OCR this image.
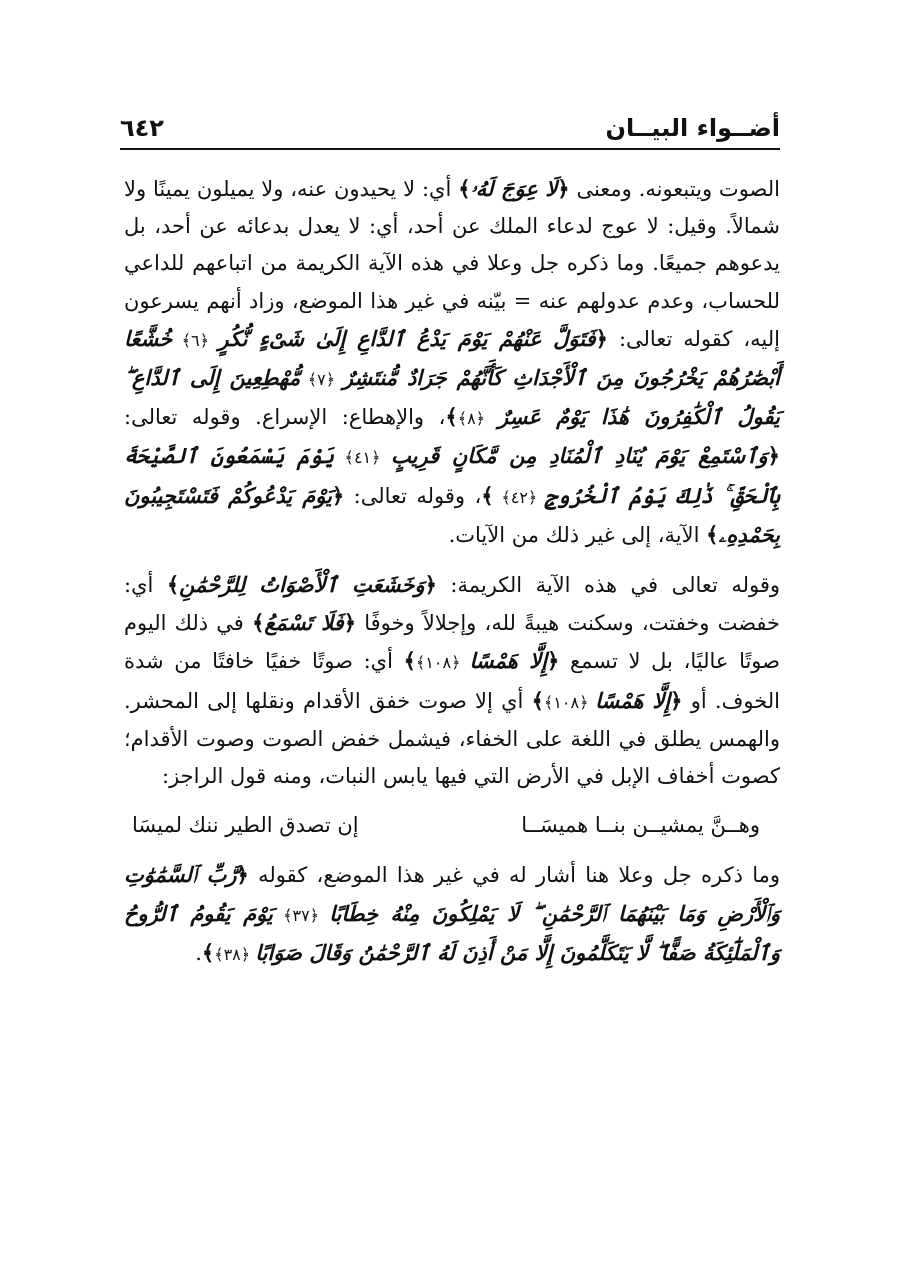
أضــواء البيــان
٦٤٢

الصوت ويتبعونه. ومعنى ﴿لَا عِوَجَ لَهُۥ﴾ أي: لا يحيدون عنه، ولا يميلون يمينًا ولا شمالاً. وقيل: لا عوج لدعاء الملك عن أحد، أي: لا يعدل بدعائه عن أحد، بل يدعوهم جميعًا. وما ذكره جل وعلا في هذه الآية الكريمة من اتباعهم للداعي للحساب، وعدم عدولهم عنه = بيّنه في غير هذا الموضع، وزاد أنهم يسرعون إليه، كقوله تعالى: ﴿فَتَوَلَّ عَنْهُمْ يَوْمَ يَدْعُ ٱلدَّاعِ إِلَىٰ شَىْءٍ نُّكُرٍ ﴿٦﴾ خُشَّعًا أَبْصَٰرُهُمْ يَخْرُجُونَ مِنَ ٱلْأَجْدَاثِ كَأَنَّهُمْ جَرَادٌ مُّنتَشِرٌ ﴿٧﴾ مُّهْطِعِينَ إِلَى ٱلدَّاعِ ۖ يَقُولُ ٱلْكَٰفِرُونَ هَٰذَا يَوْمٌ عَسِرٌ ﴿٨﴾﴾، والإهطاع: الإسراع. وقوله تعالى: ﴿وَٱسْتَمِعْ يَوْمَ يُنَادِ ٱلْمُنَادِ مِن مَّكَانٍ قَرِيبٍ ﴿٤١﴾ يَوْمَ يَسْمَعُونَ ٱلصَّيْحَةَ بِٱلْحَقِّ ۚ ذَٰلِكَ يَوْمُ ٱلْخُرُوجِ ﴿٤٢﴾ ﴾، وقوله تعالى: ﴿يَوْمَ يَدْعُوكُمْ فَتَسْتَجِيبُونَ بِحَمْدِهِۦ﴾ الآية، إلى غير ذلك من الآيات.

وقوله تعالى في هذه الآية الكريمة: ﴿وَخَشَعَتِ ٱلْأَصْوَاتُ لِلرَّحْمَٰنِ﴾ أي: خفضت وخفتت، وسكنت هيبةً لله، وإجلالاً وخوفًا ﴿فَلَا تَسْمَعُ﴾ في ذلك اليوم صوتًا عاليًا، بل لا تسمع ﴿إِلَّا هَمْسًا ﴿١٠٨﴾﴾ أي: صوتًا خفيًا خافتًا من شدة الخوف. أو ﴿إِلَّا هَمْسًا ﴿١٠٨﴾﴾ أي إلا صوت خفق الأقدام ونقلها إلى المحشر. والهمس يطلق في اللغة على الخفاء، فيشمل خفض الصوت وصوت الأقدام؛ كصوت أخفاف الإبل في الأرض التي فيها يابس النبات، ومنه قول الراجز:

وهــنَّ يمشيــن بنــا هميسَــا
إن تصدق الطير ننك لميسَا

وما ذكره جل وعلا هنا أشار له في غير هذا الموضع، كقوله ﴿رَّبِّ ٱلسَّمَٰوَٰتِ وَٱلْأَرْضِ وَمَا بَيْنَهُمَا ٱلرَّحْمَٰنِ ۖ لَا يَمْلِكُونَ مِنْهُ خِطَابًا ﴿٣٧﴾ يَوْمَ يَقُومُ ٱلرُّوحُ وَٱلْمَلَٰٓئِكَةُ صَفًّا ۖ لَّا يَتَكَلَّمُونَ إِلَّا مَنْ أَذِنَ لَهُ ٱلرَّحْمَٰنُ وَقَالَ صَوَابًا ﴿٣٨﴾﴾.
